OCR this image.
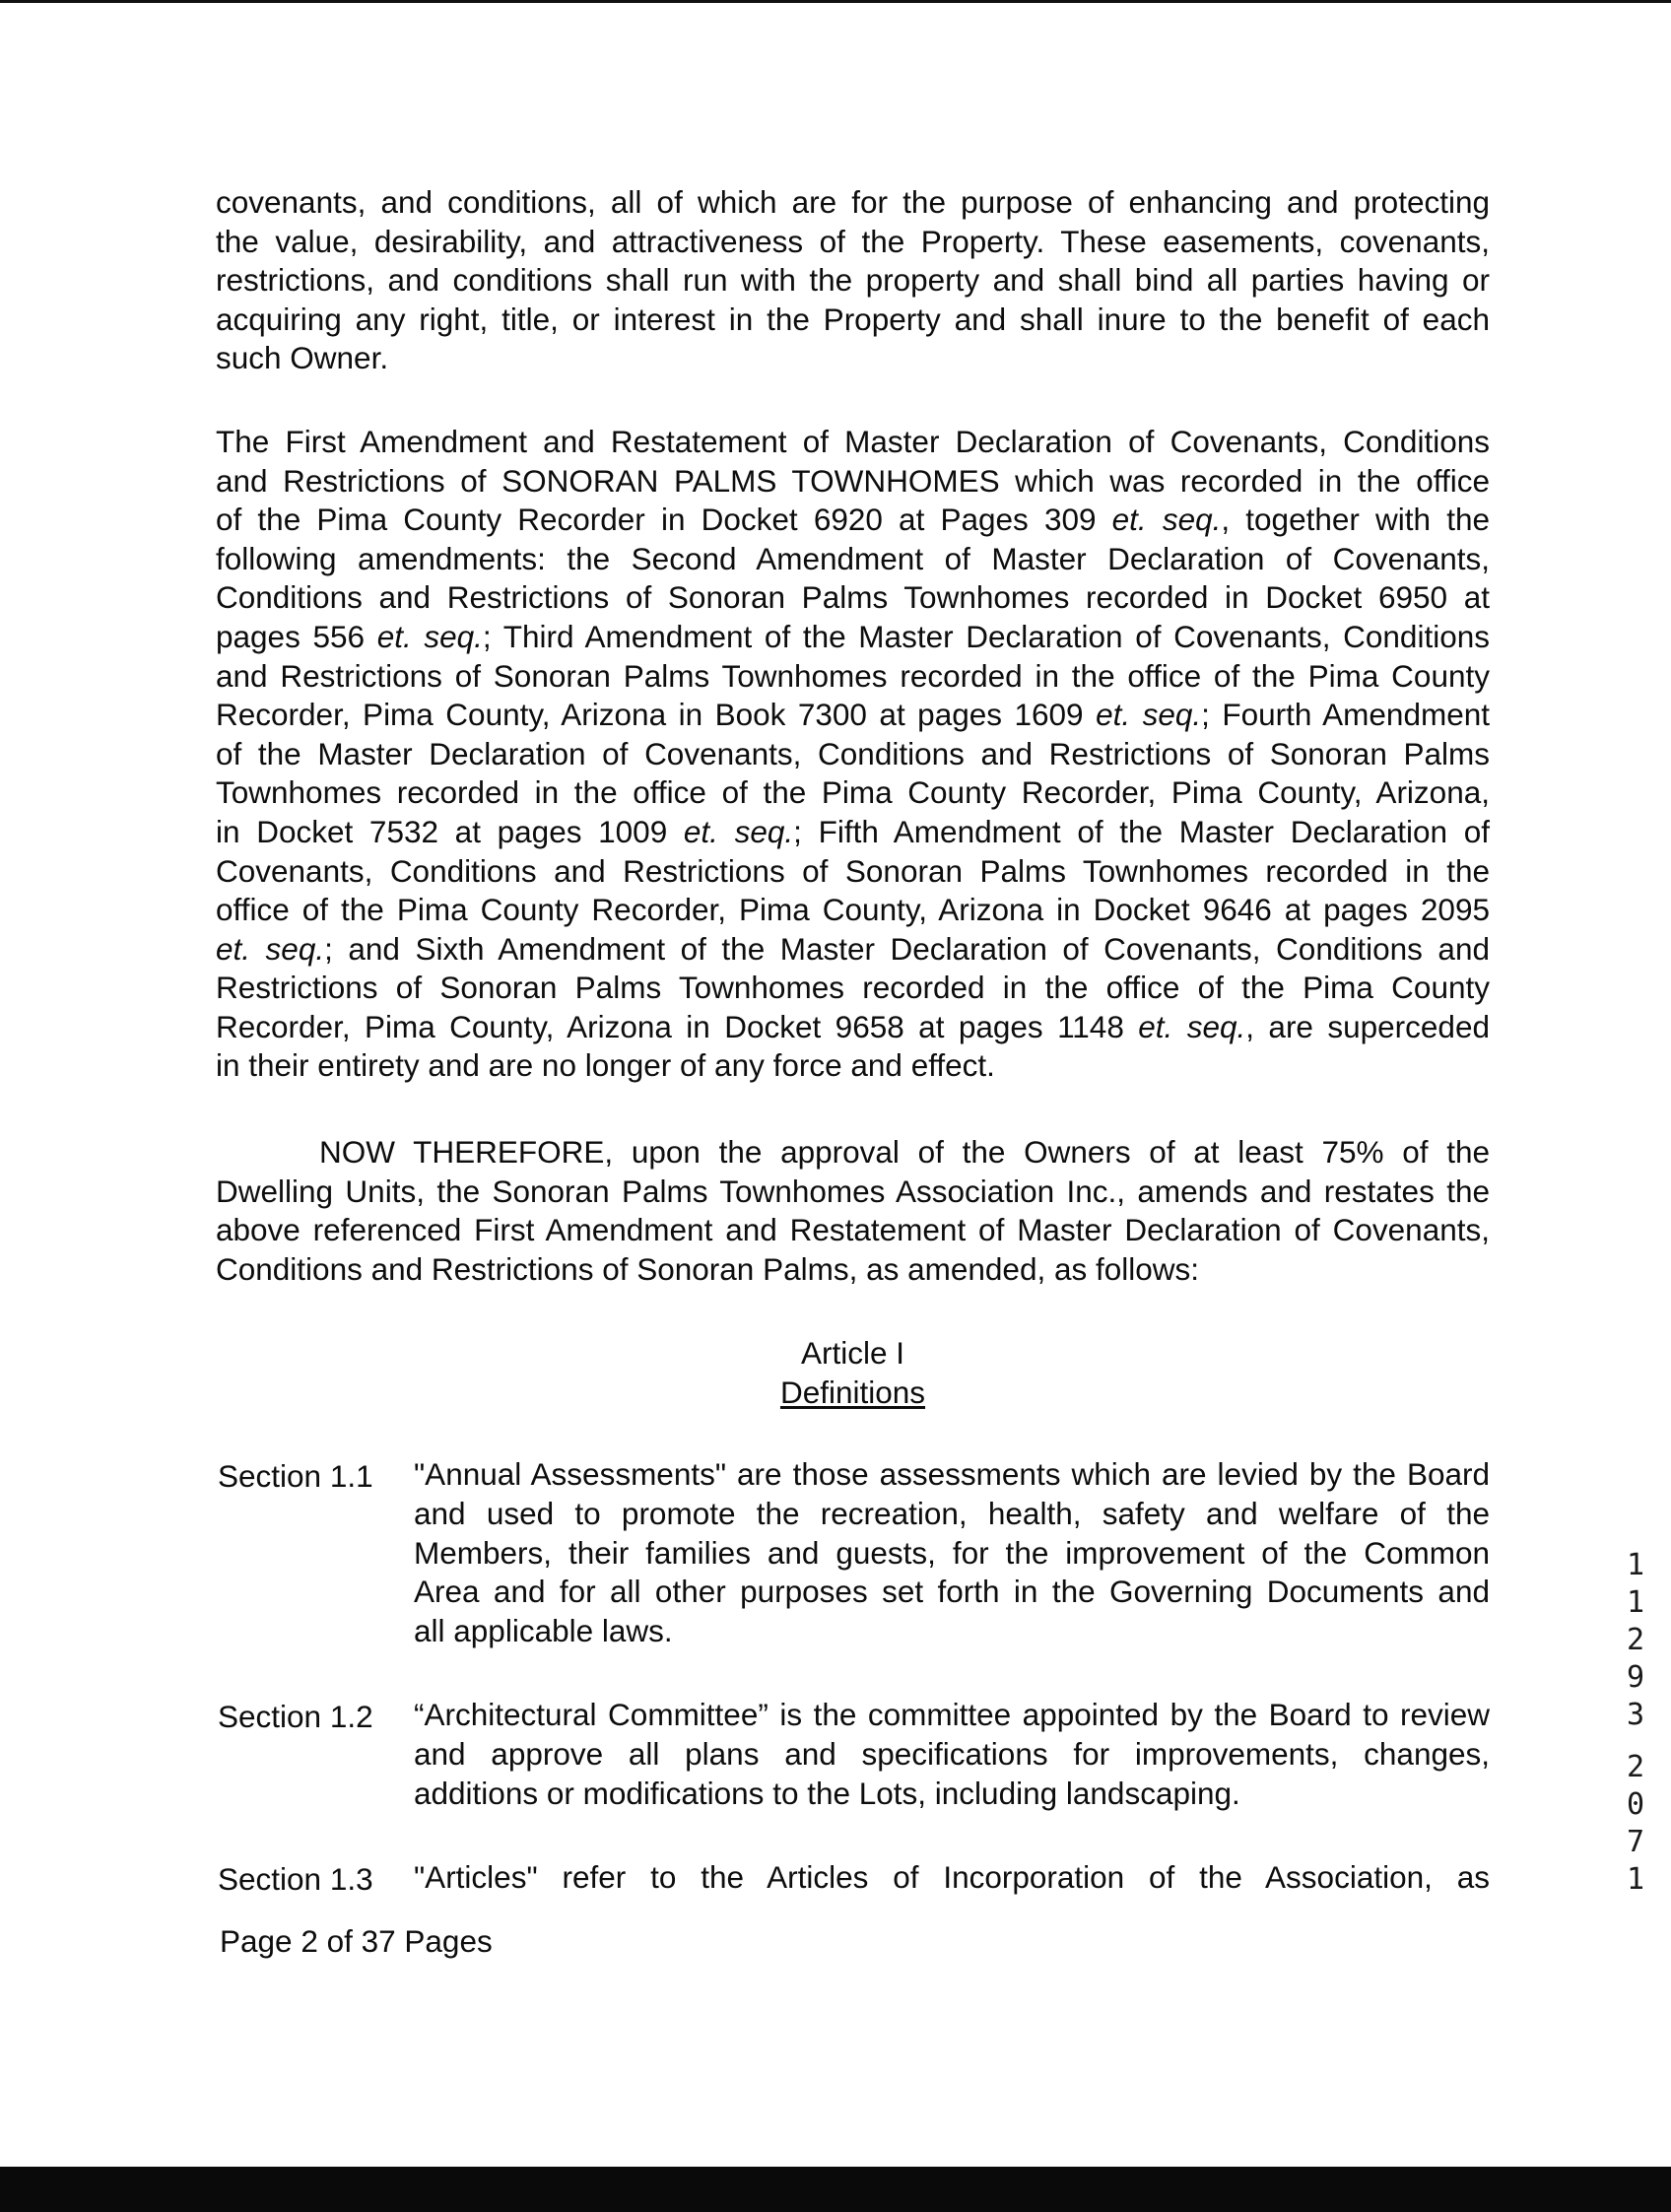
covenants, and conditions, all of which are for the purpose of enhancing and protecting
the value, desirability, and attractiveness of the Property. These easements, covenants,
restrictions, and conditions shall run with the property and shall bind all parties having or
acquiring any right, title, or interest in the Property and shall inure to the benefit of each
such Owner.
The First Amendment and Restatement of Master Declaration of Covenants, Conditions
and Restrictions of SONORAN PALMS TOWNHOMES which was recorded in the office
of the Pima County Recorder in Docket 6920 at Pages 309 et. seq., together with the
following amendments: the Second Amendment of Master Declaration of Covenants,
Conditions and Restrictions of Sonoran Palms Townhomes recorded in Docket 6950 at
pages 556 et. seq.; Third Amendment of the Master Declaration of Covenants, Conditions
and Restrictions of Sonoran Palms Townhomes recorded in the office of the Pima County
Recorder, Pima County, Arizona in Book 7300 at pages 1609 et. seq.; Fourth Amendment
of the Master Declaration of Covenants, Conditions and Restrictions of Sonoran Palms
Townhomes recorded in the office of the Pima County Recorder, Pima County, Arizona,
in Docket 7532 at pages 1009 et. seq.; Fifth Amendment of the Master Declaration of
Covenants, Conditions and Restrictions of Sonoran Palms Townhomes recorded in the
office of the Pima County Recorder, Pima County, Arizona in Docket 9646 at pages 2095
et. seq.; and Sixth Amendment of the Master Declaration of Covenants, Conditions and
Restrictions of Sonoran Palms Townhomes recorded in the office of the Pima County
Recorder, Pima County, Arizona in Docket 9658 at pages 1148 et. seq., are superceded
in their entirety and are no longer of any force and effect.
NOW THEREFORE, upon the approval of the Owners of at least 75% of the
Dwelling Units, the Sonoran Palms Townhomes Association Inc., amends and restates the
above referenced First Amendment and Restatement of Master Declaration of Covenants,
Conditions and Restrictions of Sonoran Palms, as amended, as follows:
Article I
Definitions
Section 1.1 "Annual Assessments" are those assessments which are levied by the Board
and used to promote the recreation, health, safety and welfare of the
Members, their families and guests, for the improvement of the Common
Area and for all other purposes set forth in the Governing Documents and
all applicable laws.
Section 1.2 “Architectural Committee” is the committee appointed by the Board to review
and approve all plans and specifications for improvements, changes,
additions or modifications to the Lots, including landscaping.
Section 1.3 "Articles" refer to the Articles of Incorporation of the Association, as
Page 2 of 37 Pages
1
1
2
9
3
2
0
7
1
